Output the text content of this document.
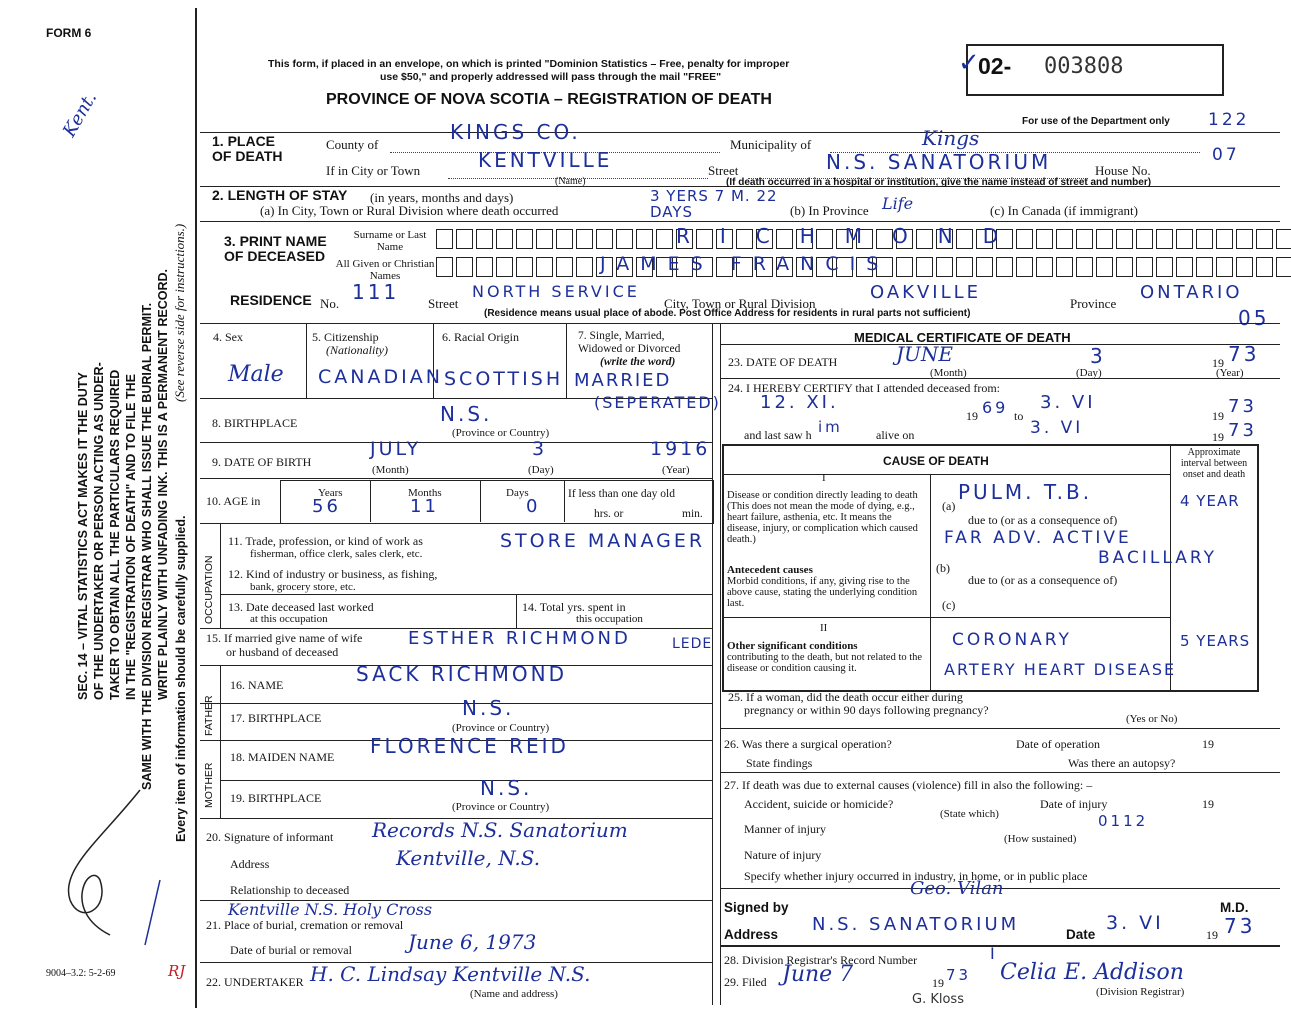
FORM 6
This form, if placed in an envelope, on which is printed "Dominion Statistics – Free, penalty for improper
use $50," and properly addressed will pass through the mail "FREE"
PROVINCE OF NOVA SCOTIA – REGISTRATION OF DEATH
02- 003808
For use of the Department only 122
07
05
Kent.
✓
SEC. 14 – VITAL STATISTICS ACT MAKES IT THE DUTY OF THE UNDERTAKER OR PERSON ACTING AS UNDER- TAKER TO OBTAIN ALL THE PARTICULARS REQUIRED IN THE "REGISTRATION OF DEATH" AND TO FILE THE SAME WITH THE DIVISION REGISTRAR WHO SHALL ISSUE THE BURIAL PERMIT. WRITE PLAINLY WITH UNFADING INK. THIS IS A PERMANENT RECORD. (See reverse side for instructions.)
Every item of information should be carefully supplied.
9004–3.2: 5-2-69	RJ
1. PLACE OF DEATH
County of
KINGS CO.
Municipality of	Kings
If in City or Town	KENTVILLE
(Name)
Street	N.S. SANATORIUM	House No.
(If death occurred in a hospital or institution, give the name instead of street and number)
2. LENGTH OF STAY (in years, months and days)
(a) In City, Town or Rural Division where death occurred
3 YERS 7 M. 22 DAYS	(b) In Province Life	(c) In Canada (if immigrant)
3. PRINT NAME OF DECEASED
Surname or Last Name	RICHMOND
All Given or Christian Names
JAMES FRANCIS
RESIDENCE No. 111 Street
NORTH SERVICE
City, Town or Rural Division
OAKVILLE
Province
ONTARIO
(Residence means usual place of abode. Post Office Address for residents in rural parts not sufficient)
4. Sex
Male
5. Citizenship
(Nationality)
CANADIAN
6. Racial Origin
SCOTTISH
7. Single, Married, Widowed or Divorced
(write the word)
MARRIED
(SEPERATED)
8. BIRTHPLACE	N.S.
(Province or Country)
9. DATE OF BIRTH
JULY	3	1916
(Month)	(Day)	(Year)
10. AGE in
Years
56
Months
11
Days
0
If less than one day old
hrs. or	min.
OCCUPATION
11. Trade, profession, or kind of work as
fisherman, office clerk, sales clerk, etc.
STORE MANAGER
12. Kind of industry or business, as fishing,
bank, grocery store, etc.
13. Date deceased last worked
at this occupation
14. Total yrs. spent in
this occupation
15. If married give name of wife
or husband of deceased
ESTHER RICHMOND	LEDE
FATHER
16. NAME	SACK RICHMOND
17. BIRTHPLACE	N.S.
(Province or Country)
MOTHER
18. MAIDEN NAME FLORENCE REID
19. BIRTHPLACE	N.S.
(Province or Country)
20. Signature of informant Records N.S. Sanatorium
Address	Kentville, N.S.
Relationship to deceased
Kentville N.S. Holy Cross
21. Place of burial, cremation or removal
Date of burial or removal	June 6, 1973
22. UNDERTAKER H. C. Lindsay Kentville N.S.
(Name and address)
MEDICAL CERTIFICATE OF DEATH
23. DATE OF DEATH	JUNE	3	19 73
(Month)	(Day)	(Year)
24. I HEREBY CERTIFY that I attended deceased from:
12. XI.
19 69 to
3. VI
19 73
and last saw h im	alive on	3. VI	19 73
CAUSE OF DEATH
Approximate interval between onset and death
I
Disease or condition directly leading to death (This does not mean the mode of dying, e.g., heart failure, asthenia, etc. It means the disease, injury, or complication which caused death.)
(a)
PULM. T.B.	4 YEAR
due to (or as a consequence of)
FAR ADV. ACTIVE
BACILLARY
Antecedent causes
Morbid conditions, if any, giving rise to the above cause, stating the underlying condition last.
(b)
due to (or as a consequence of)
(c)
II
Other significant conditions
contributing to the death, but not related to the disease or condition causing it.
CORONARY
ARTERY HEART DISEASE
5 YEARS
25. If a woman, did the death occur either during
pregnancy or within 90 days following pregnancy?
(Yes or No)
26. Was there a surgical operation?	Date of operation	19
State findings	Was there an autopsy?
27. If death was due to external causes (violence) fill in also the following: –
Accident, suicide or homicide?	Date of injury	19
(State which)
Manner of injury	0112
(How sustained)
Nature of injury
Specify whether injury occurred in industry, in home, or in public place
Signed by
Geo. Vilan
M.D.
Address N.S. SANATORIUM	Date
3. VI
19 73
28. Division Registrar's Record Number	I
29. Filed June 7	19 73 Celia E. Addison
(Division Registrar)
G. Kloss
